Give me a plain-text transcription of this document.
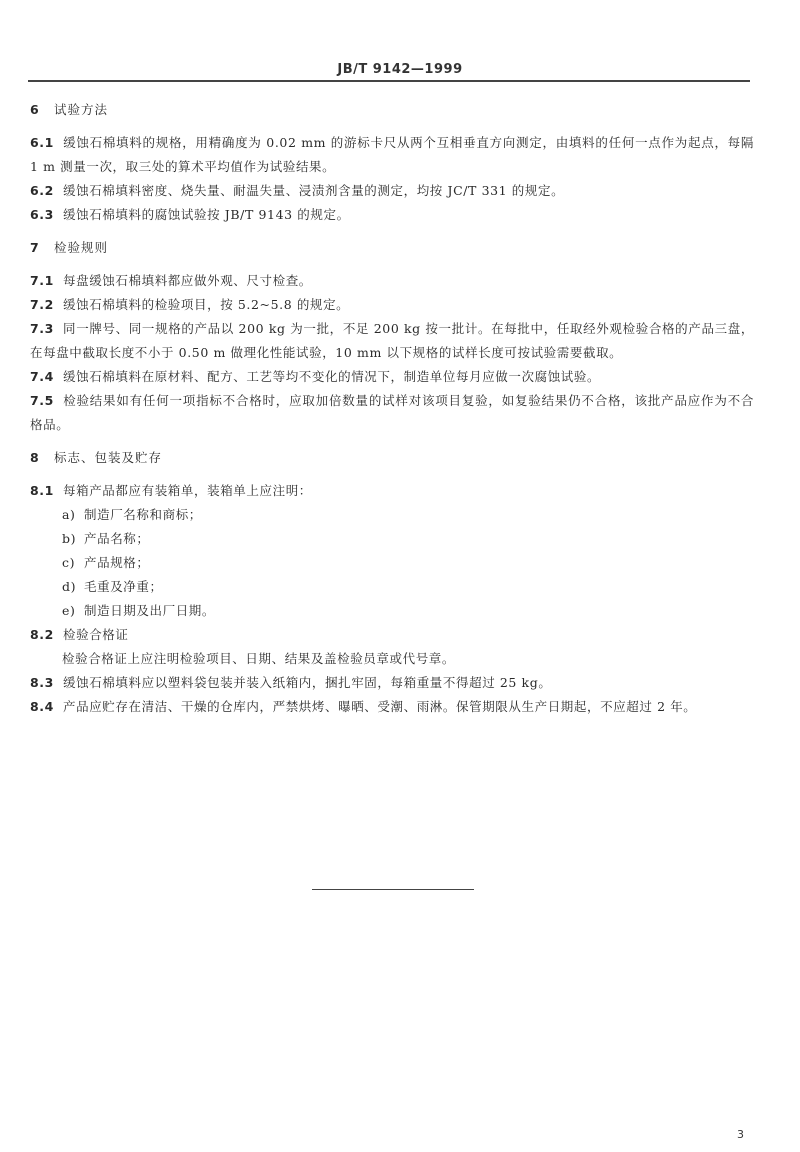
JB/T 9142—1999

6 试验方法

6.1 缓蚀石棉填料的规格，用精确度为 0.02 mm 的游标卡尺从两个互相垂直方向测定，由填料的任何一点作为起点，每隔 1 m 测量一次，取三处的算术平均值作为试验结果。

6.2 缓蚀石棉填料密度、烧失量、耐温失量、浸渍剂含量的测定，均按 JC/T 331 的规定。

6.3 缓蚀石棉填料的腐蚀试验按 JB/T 9143 的规定。

7 检验规则

7.1 每盘缓蚀石棉填料都应做外观、尺寸检查。

7.2 缓蚀石棉填料的检验项目，按 5.2~5.8 的规定。

7.3 同一牌号、同一规格的产品以 200 kg 为一批，不足 200 kg 按一批计。在每批中，任取经外观检验合格的产品三盘，在每盘中截取长度不小于 0.50 m 做理化性能试验，10 mm 以下规格的试样长度可按试验需要截取。

7.4 缓蚀石棉填料在原材料、配方、工艺等均不变化的情况下，制造单位每月应做一次腐蚀试验。

7.5 检验结果如有任何一项指标不合格时，应取加倍数量的试样对该项目复验，如复验结果仍不合格，该批产品应作为不合格品。

8 标志、包装及贮存

8.1 每箱产品都应有装箱单，装箱单上应注明：

a) 制造厂名称和商标；

b) 产品名称；

c) 产品规格；

d) 毛重及净重；

e) 制造日期及出厂日期。

8.2 检验合格证

检验合格证上应注明检验项目、日期、结果及盖检验员章或代号章。

8.3 缓蚀石棉填料应以塑料袋包装并装入纸箱内，捆扎牢固，每箱重量不得超过 25 kg。

8.4 产品应贮存在清洁、干燥的仓库内，严禁烘烤、曝晒、受潮、雨淋。保管期限从生产日期起，不应超过 2 年。

3
